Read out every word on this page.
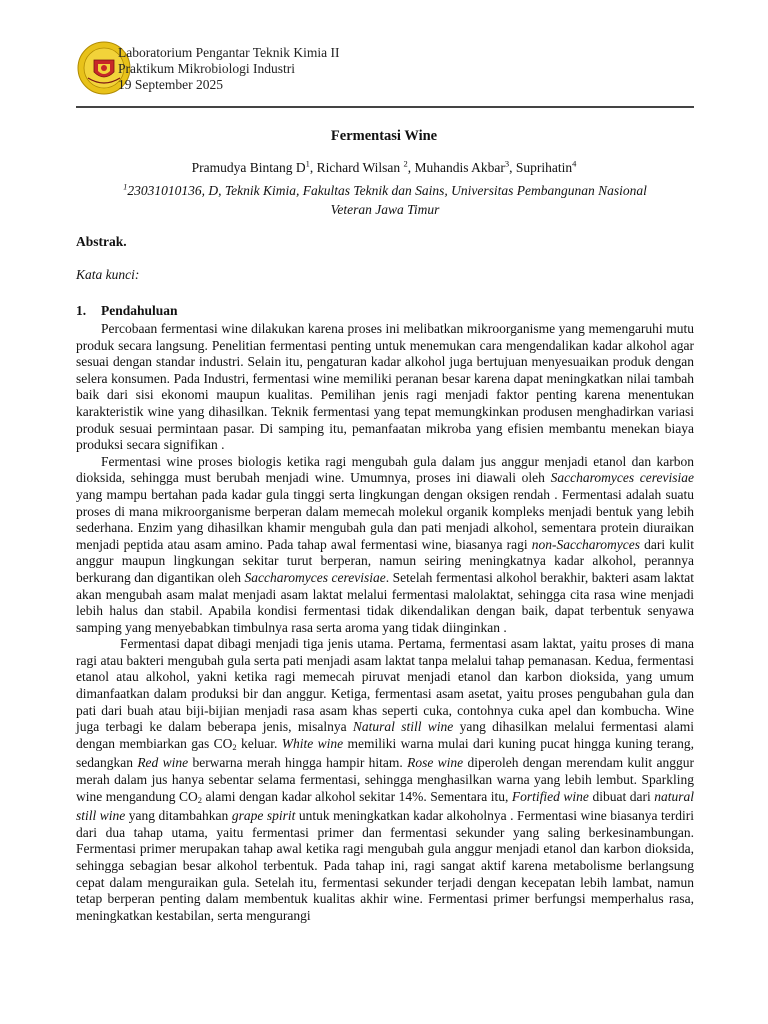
Laboratorium Pengantar Teknik Kimia II
Praktikum Mikrobiologi Industri
19 September 2025
Fermentasi Wine
Pramudya Bintang $D^1$, Richard Wilsan $^2$, Muhandis Akbar$^3$, Suprihatin$^4$
$^1$23031010136, D, Teknik Kimia, Fakultas Teknik dan Sains, Universitas Pembangunan Nasional
Veteran Jawa Timur
Abstrak.
Kata kunci:
1. Pendahuluan

Percobaan fermentasi wine dilakukan karena proses ini melibatkan mikroorganisme yang memengaruhi mutu produk secara langsung. Penelitian fermentasi penting untuk menemukan cara mengendalikan kadar alkohol agar sesuai dengan standar industri. Selain itu, pengaturan kadar alkohol juga bertujuan menyesuaikan produk dengan selera konsumen. Pada Industri, fermentasi wine memiliki peranan besar karena dapat meningkatkan nilai tambah baik dari sisi ekonomi maupun kualitas. Pemilihan jenis ragi menjadi faktor penting karena menentukan karakteristik wine yang dihasilkan. Teknik fermentasi yang tepat memungkinkan produsen menghadirkan variasi produk sesuai permintaan pasar. Di samping itu, pemanfaatan mikroba yang efisien membantu menekan biaya produksi secara signifikan .

Fermentasi wine proses biologis ketika ragi mengubah gula dalam jus anggur menjadi etanol dan karbon dioksida, sehingga must berubah menjadi wine. Umumnya, proses ini diawali oleh Saccharomyces cerevisiae yang mampu bertahan pada kadar gula tinggi serta lingkungan dengan oksigen rendah . Fermentasi adalah suatu proses di mana mikroorganisme berperan dalam memecah molekul organik kompleks menjadi bentuk yang lebih sederhana. Enzim yang dihasilkan khamir mengubah gula dan pati menjadi alkohol, sementara protein diuraikan menjadi peptida atau asam amino. Pada tahap awal fermentasi wine, biasanya ragi non-Saccharomyces dari kulit anggur maupun lingkungan sekitar turut berperan, namun seiring meningkatnya kadar alkohol, perannya berkurang dan digantikan oleh Saccharomyces cerevisiae. Setelah fermentasi alkohol berakhir, bakteri asam laktat akan mengubah asam malat menjadi asam laktat melalui fermentasi malolaktat, sehingga cita rasa wine menjadi lebih halus dan stabil. Apabila kondisi fermentasi tidak dikendalikan dengan baik, dapat terbentuk senyawa samping yang menyebabkan timbulnya rasa serta aroma yang tidak diinginkan .

Fermentasi dapat dibagi menjadi tiga jenis utama. Pertama, fermentasi asam laktat, yaitu proses di mana ragi atau bakteri mengubah gula serta pati menjadi asam laktat tanpa melalui tahap pemanasan. Kedua, fermentasi etanol atau alkohol, yakni ketika ragi memecah piruvat menjadi etanol dan karbon dioksida, yang umum dimanfaatkan dalam produksi bir dan anggur. Ketiga, fermentasi asam asetat, yaitu proses pengubahan gula dan pati dari buah atau biji-bijian menjadi rasa asam khas seperti cuka, contohnya cuka apel dan kombucha. Wine juga terbagi ke dalam beberapa jenis, misalnya Natural still wine yang dihasilkan melalui fermentasi alami dengan membiarkan gas $CO_2$ keluar. White wine memiliki warna mulai dari kuning pucat hingga kuning terang, sedangkan Red wine berwarna merah hingga hampir hitam. Rose wine diperoleh dengan merendam kulit anggur merah dalam jus hanya sebentar selama fermentasi, sehingga menghasilkan warna yang lebih lembut. Sparkling wine mengandung $CO_2$ alami dengan kadar alkohol sekitar 14%. Sementara itu, Fortified wine dibuat dari natural still wine yang ditambahkan grape spirit untuk meningkatkan kadar alkoholnya . Fermentasi wine biasanya terdiri dari dua tahap utama, yaitu fermentasi primer dan fermentasi sekunder yang saling berkesinambungan. Fermentasi primer merupakan tahap awal ketika ragi mengubah gula anggur menjadi etanol dan karbon dioksida, sehingga sebagian besar alkohol terbentuk. Pada tahap ini, ragi sangat aktif karena metabolisme berlangsung cepat dalam menguraikan gula. Setelah itu, fermentasi sekunder terjadi dengan kecepatan lebih lambat, namun tetap berperan penting dalam membentuk kualitas akhir wine. Fermentasi primer berfungsi memperhalus rasa, meningkatkan kestabilan, serta mengurangi
